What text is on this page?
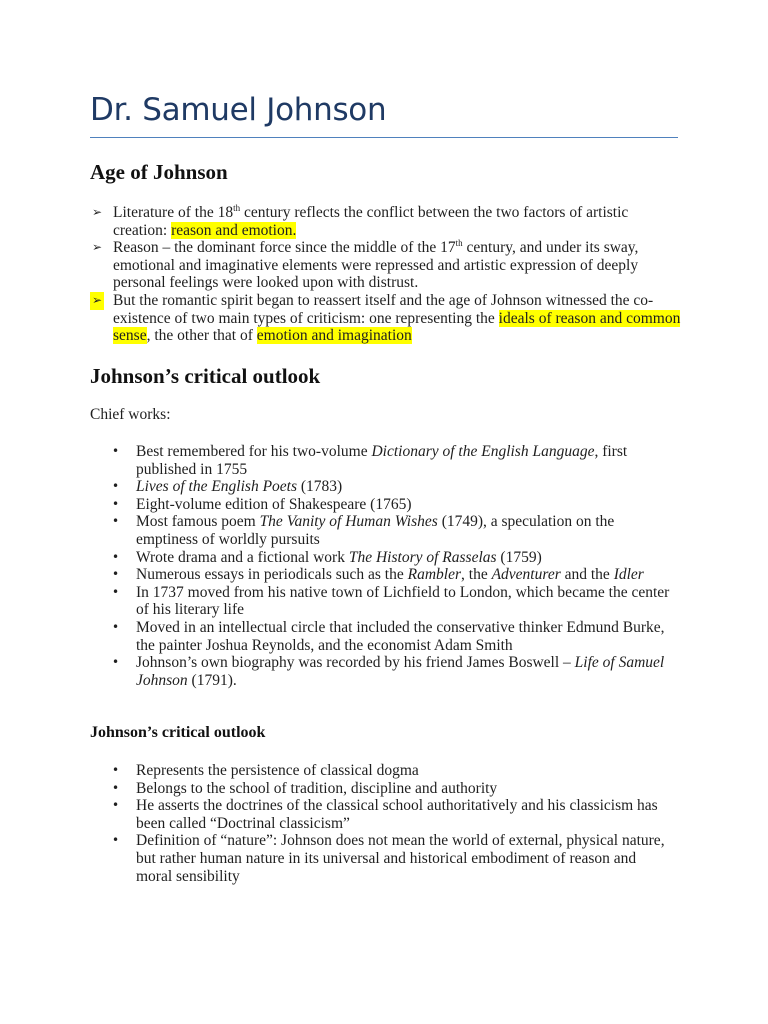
Dr. Samuel Johnson
Age of Johnson
➢ Literature of the 18th century reflects the conflict between the two factors of artistic creation: reason and emotion.
➢ Reason – the dominant force since the middle of the 17th century, and under its sway, emotional and imaginative elements were repressed and artistic expression of deeply personal feelings were looked upon with distrust.
➢ But the romantic spirit began to reassert itself and the age of Johnson witnessed the co-existence of two main types of criticism: one representing the ideals of reason and common sense, the other that of emotion and imagination
Johnson’s critical outlook

Chief works:

• Best remembered for his two-volume Dictionary of the English Language, first published in 1755
• Lives of the English Poets (1783)
• Eight-volume edition of Shakespeare (1765)
• Most famous poem The Vanity of Human Wishes (1749), a speculation on the emptiness of worldly pursuits
• Wrote drama and a fictional work The History of Rasselas (1759)
• Numerous essays in periodicals such as the Rambler, the Adventurer and the Idler
• In 1737 moved from his native town of Lichfield to London, which became the center of his literary life
• Moved in an intellectual circle that included the conservative thinker Edmund Burke, the painter Joshua Reynolds, and the economist Adam Smith
• Johnson’s own biography was recorded by his friend James Boswell – Life of Samuel Johnson (1791).
Johnson’s critical outlook
• Represents the persistence of classical dogma
• Belongs to the school of tradition, discipline and authority
• He asserts the doctrines of the classical school authoritatively and his classicism has been called “Doctrinal classicism”
• Definition of “nature”: Johnson does not mean the world of external, physical nature, but rather human nature in its universal and historical embodiment of reason and moral sensibility
